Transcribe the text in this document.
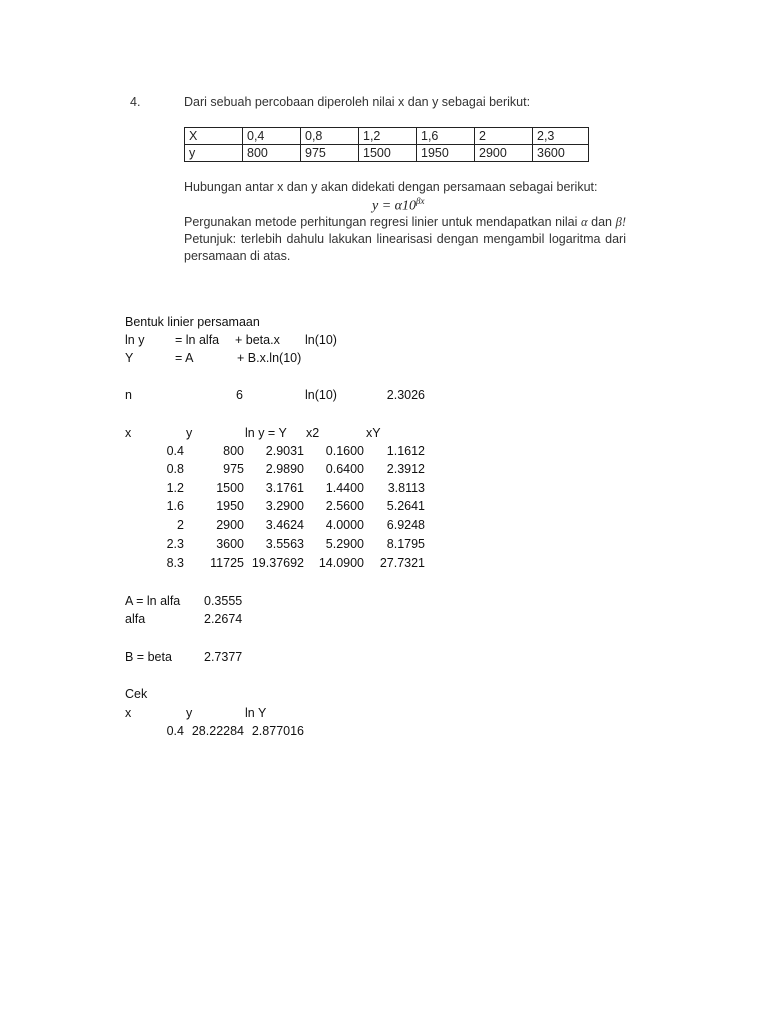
4.	Dari sebuah percobaan diperoleh nilai x dan y sebagai berikut:
X	0,4	0,8	1,2	1,6	2	2,3
y	800	975	1500	1950	2900	3600
Hubungan antar x dan y akan didekati dengan persamaan sebagai berikut:
$y = \alpha 10^{\beta x}$
Pergunakan metode perhitungan regresi linier untuk mendapatkan nilai α dan β!
Petunjuk: terlebih dahulu lakukan linearisasi dengan mengambil logaritma dari
persamaan di atas.
Bentuk linier persamaan
ln y = ln alfa + beta.x ln(10)
Y	= A	+ B.x.ln(10)
n	6	ln(10)	2.3026
x	y	ln y = Y x2	xY
0.4	800	2.9031	0.1600	1.1612
0.8	975	2.9890	0.6400	2.3912
1.2	1500	3.1761	1.4400	3.8113
1.6	1950	3.2900	2.5600	5.2641
2	2900	3.4624	4.0000	6.9248
2.3	3600	3.5563	5.2900	8.1795
8.3	11725 19.37692	14.0900	27.7321
A = ln alfa 0.3555
alfa	2.2674
B = beta	2.7377
Cek
x	y	ln Y
0.4 28.22284 2.877016
